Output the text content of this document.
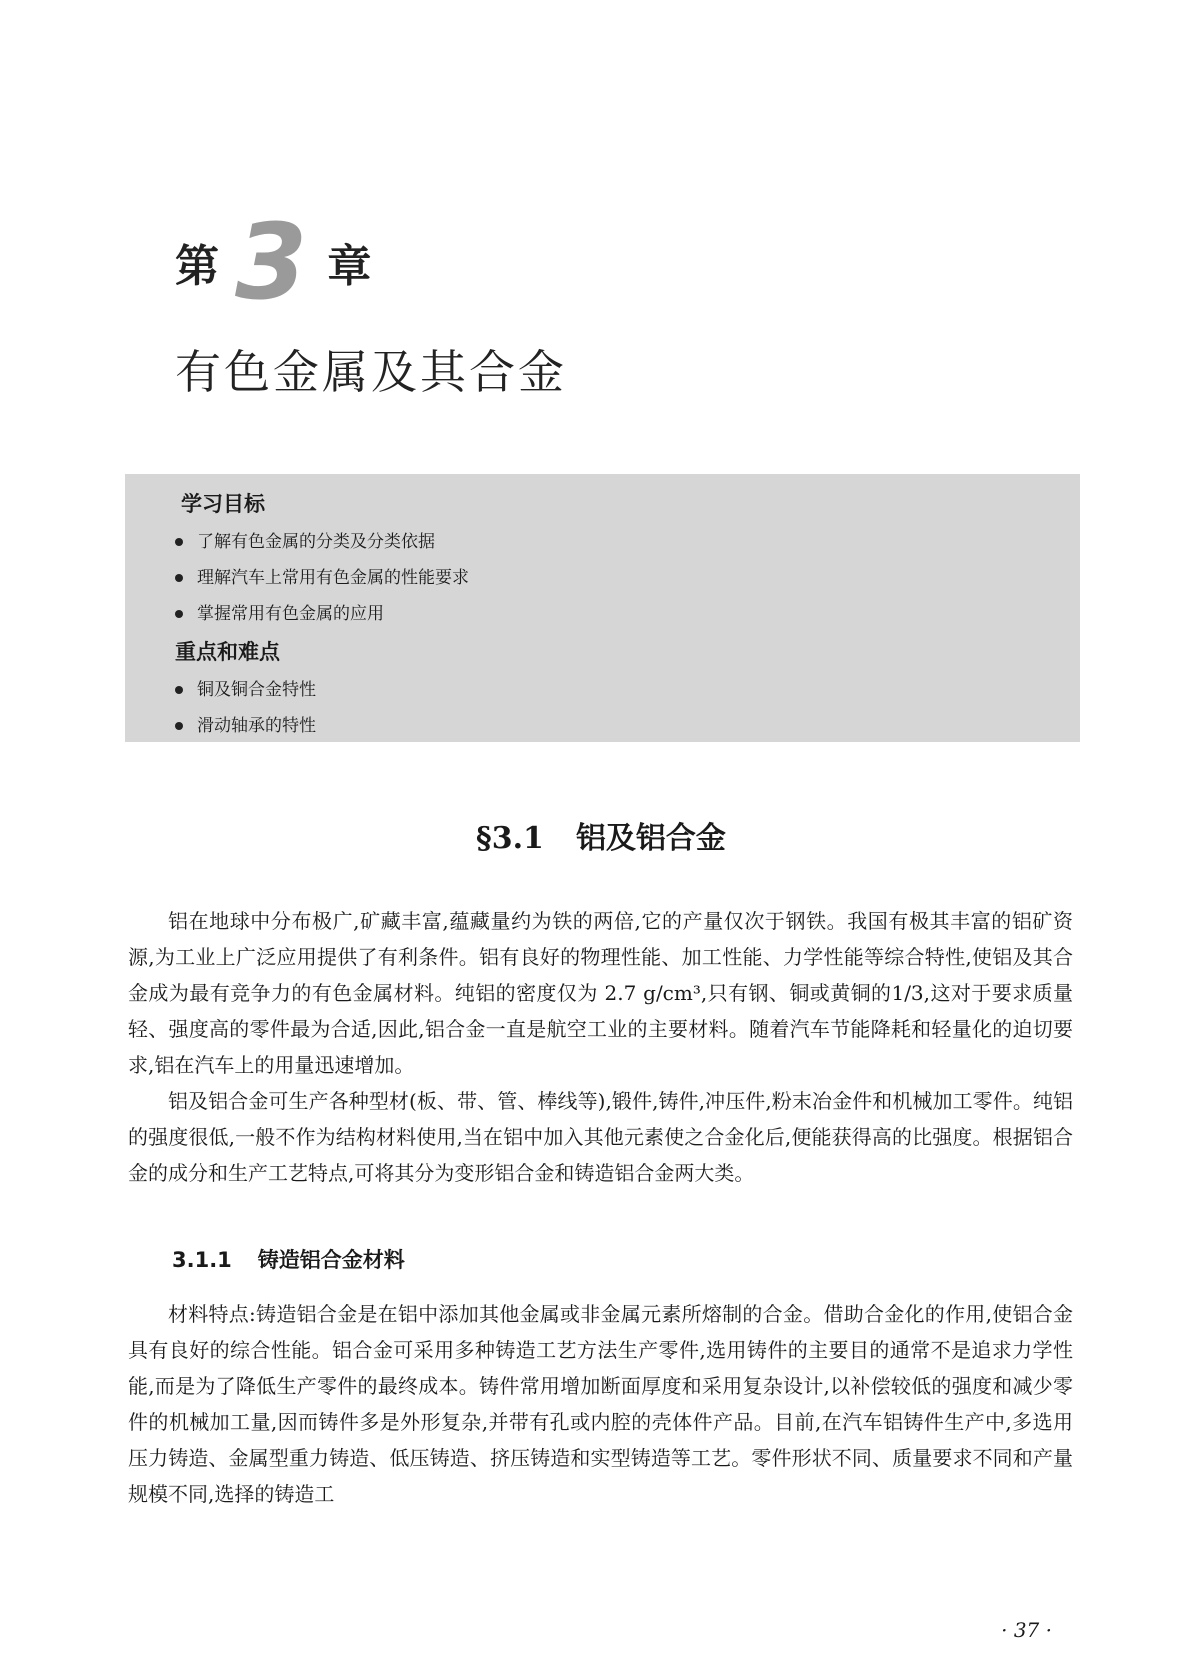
第 3 章
有色金属及其合金
学习目标
了解有色金属的分类及分类依据
理解汽车上常用有色金属的性能要求
掌握常用有色金属的应用
重点和难点
铜及铜合金特性
滑动轴承的特性
§3.1 铝及铝合金

铝在地球中分布极广,矿藏丰富,蕴藏量约为铁的两倍,它的产量仅次于钢铁。我国有极其丰富的铝矿资源,为工业上广泛应用提供了有利条件。铝有良好的物理性能、加工性能、力学性能等综合特性,使铝及其合金成为最有竞争力的有色金属材料。纯铝的密度仅为 2.7 g/cm³,只有钢、铜或黄铜的1/3,这对于要求质量轻、强度高的零件最为合适,因此,铝合金一直是航空工业的主要材料。随着汽车节能降耗和轻量化的迫切要求,铝在汽车上的用量迅速增加。

铝及铝合金可生产各种型材(板、带、管、棒线等),锻件,铸件,冲压件,粉末冶金件和机械加工零件。纯铝的强度很低,一般不作为结构材料使用,当在铝中加入其他元素使之合金化后,便能获得高的比强度。根据铝合金的成分和生产工艺特点,可将其分为变形铝合金和铸造铝合金两大类。

3.1.1 铸造铝合金材料

材料特点:铸造铝合金是在铝中添加其他金属或非金属元素所熔制的合金。借助合金化的作用,使铝合金具有良好的综合性能。铝合金可采用多种铸造工艺方法生产零件,选用铸件的主要目的通常不是追求力学性能,而是为了降低生产零件的最终成本。铸件常用增加断面厚度和采用复杂设计,以补偿较低的强度和减少零件的机械加工量,因而铸件多是外形复杂,并带有孔或内腔的壳体件产品。目前,在汽车铝铸件生产中,多选用压力铸造、金属型重力铸造、低压铸造、挤压铸造和实型铸造等工艺。零件形状不同、质量要求不同和产量规模不同,选择的铸造工

· 37 ·
